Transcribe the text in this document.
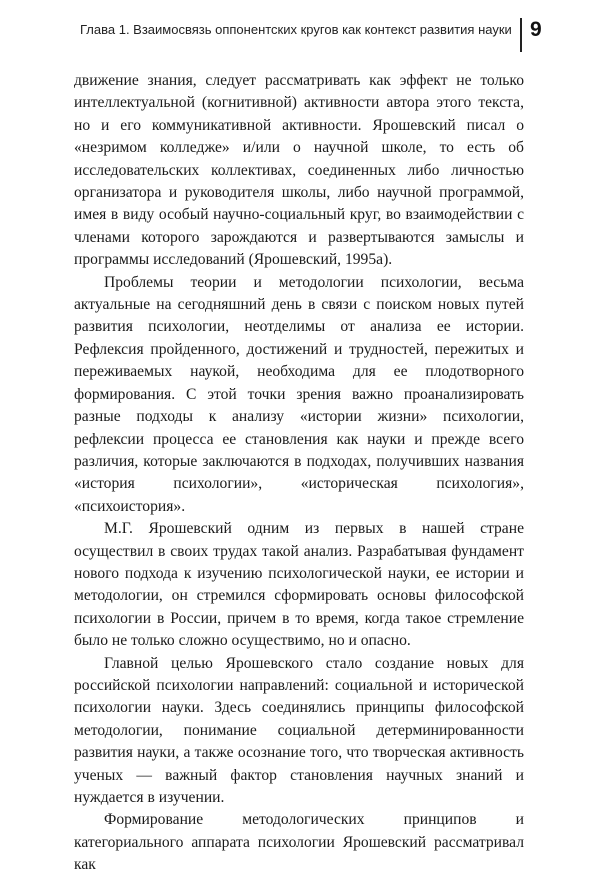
Глава 1. Взаимосвязь оппонентских кругов как контекст развития науки 9

движение знания, следует рассматривать как эффект не только интеллектуальной (когнитивной) активности автора этого текста, но и его коммуникативной активности. Ярошевский писал о «незримом колледже» и/или о научной школе, то есть об исследовательских коллективах, соединенных либо личностью организатора и руководителя школы, либо научной программой, имея в виду особый научно-социальный круг, во взаимодействии с членами которого зарождаются и развертываются замыслы и программы исследований (Ярошевский, 1995а).

Проблемы теории и методологии психологии, весьма актуальные на сегодняшний день в связи с поиском новых путей развития психологии, неотделимы от анализа ее истории. Рефлексия пройденного, достижений и трудностей, пережитых и переживаемых наукой, необходима для ее плодотворного формирования. С этой точки зрения важно проанализировать разные подходы к анализу «истории жизни» психологии, рефлексии процесса ее становления как науки и прежде всего различия, которые заключаются в подходах, получивших названия «история психологии», «историческая психология», «психоистория».

М.Г. Ярошевский одним из первых в нашей стране осуществил в своих трудах такой анализ. Разрабатывая фундамент нового подхода к изучению психологической науки, ее истории и методологии, он стремился сформировать основы философской психологии в России, причем в то время, когда такое стремление было не только сложно осуществимо, но и опасно.

Главной целью Ярошевского стало создание новых для российской психологии направлений: социальной и исторической психологии науки. Здесь соединялись принципы философской методологии, понимание социальной детерминированности развития науки, а также осознание того, что творческая активность ученых — важный фактор становления научных знаний и нуждается в изучении.

Формирование методологических принципов и категориального аппарата психологии Ярошевский рассматривал как
